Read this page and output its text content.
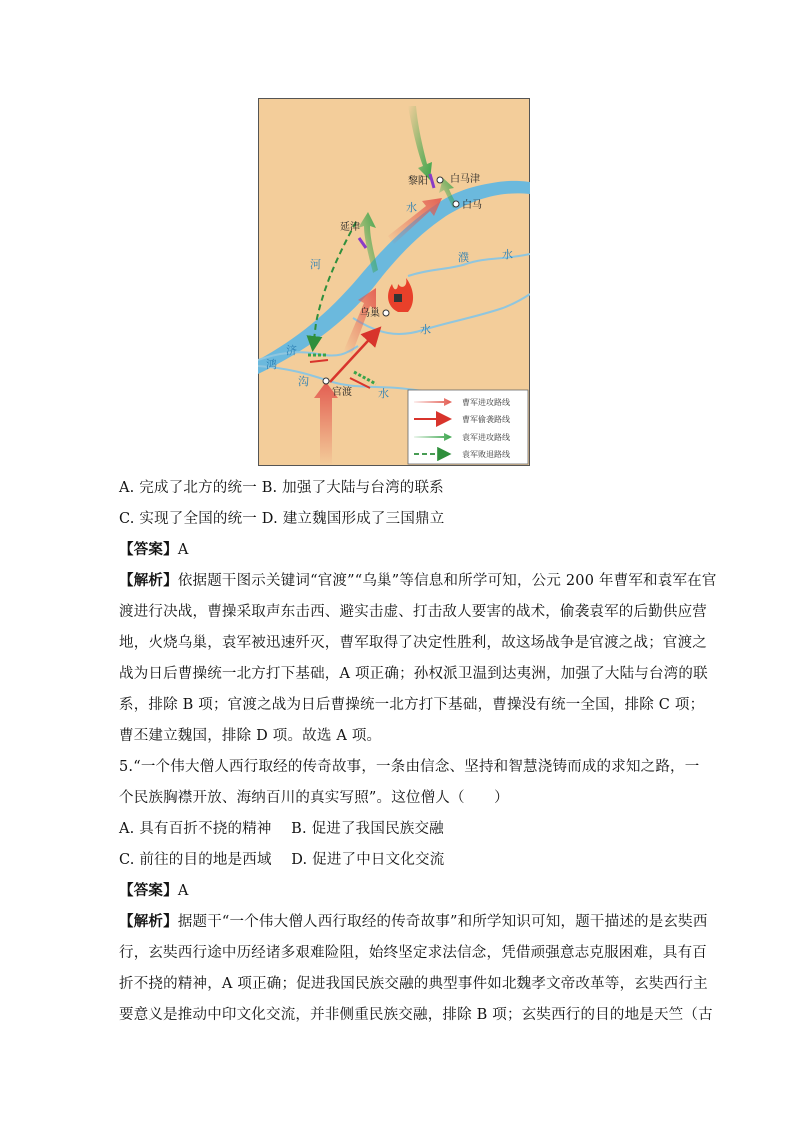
黎阳 白马津
白马
延津
乌巢
官渡
河
水
濮	水
水
济
鸿
沟
水
曹军进攻路线
曹军偷袭路线
袁军进攻路线
袁军败退路线
A. 完成了北方的统一 B. 加强了大陆与台湾的联系
C. 实现了全国的统一 D. 建立魏国形成了三国鼎立
【答案】A
【解析】依据题干图示关键词“官渡”“乌巢”等信息和所学可知，公元 200 年曹军和袁军在官
渡进行决战，曹操采取声东击西、避实击虚、打击敌人要害的战术，偷袭袁军的后勤供应营
地，火烧乌巢，袁军被迅速歼灭，曹军取得了决定性胜利，故这场战争是官渡之战；官渡之
战为日后曹操统一北方打下基础，A 项正确；孙权派卫温到达夷洲，加强了大陆与台湾的联
系，排除 B 项；官渡之战为日后曹操统一北方打下基础，曹操没有统一全国，排除 C 项；
曹丕建立魏国，排除 D 项。故选 A 项。
5.“一个伟大僧人西行取经的传奇故事，一条由信念、坚持和智慧浇铸而成的求知之路，一
个民族胸襟开放、海纳百川的真实写照”。这位僧人（　　）
A. 具有百折不挠的精神　 B. 促进了我国民族交融
C. 前往的目的地是西域　 D. 促进了中日文化交流
【答案】A
【解析】据题干“一个伟大僧人西行取经的传奇故事”和所学知识可知，题干描述的是玄奘西
行，玄奘西行途中历经诸多艰难险阻，始终坚定求法信念，凭借顽强意志克服困难，具有百
折不挠的精神，A 项正确；促进我国民族交融的典型事件如北魏孝文帝改革等，玄奘西行主
要意义是推动中印文化交流，并非侧重民族交融，排除 B 项；玄奘西行的目的地是天竺（古
